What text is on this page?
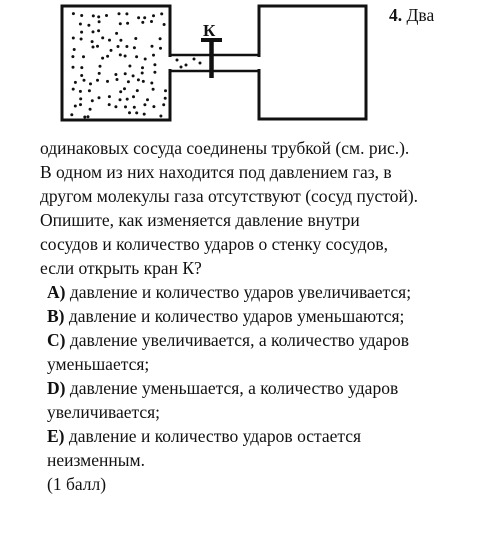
К
4. Два
одинаковых сосуда соединены трубкой (см. рис.).
В одном из них находится под давлением газ, в
другом молекулы газа отсутствуют (сосуд пустой).
Опишите, как изменяется давление внутри
сосудов и количество ударов о стенку сосудов,
если открыть кран К?
A) давление и количество ударов увеличивается;
B) давление и количество ударов уменьшаются;
C) давление увеличивается, а количество ударов
уменьшается;
D) давление уменьшается, а количество ударов
увеличивается;
E) давление и количество ударов остается
неизменным.
(1 балл)
